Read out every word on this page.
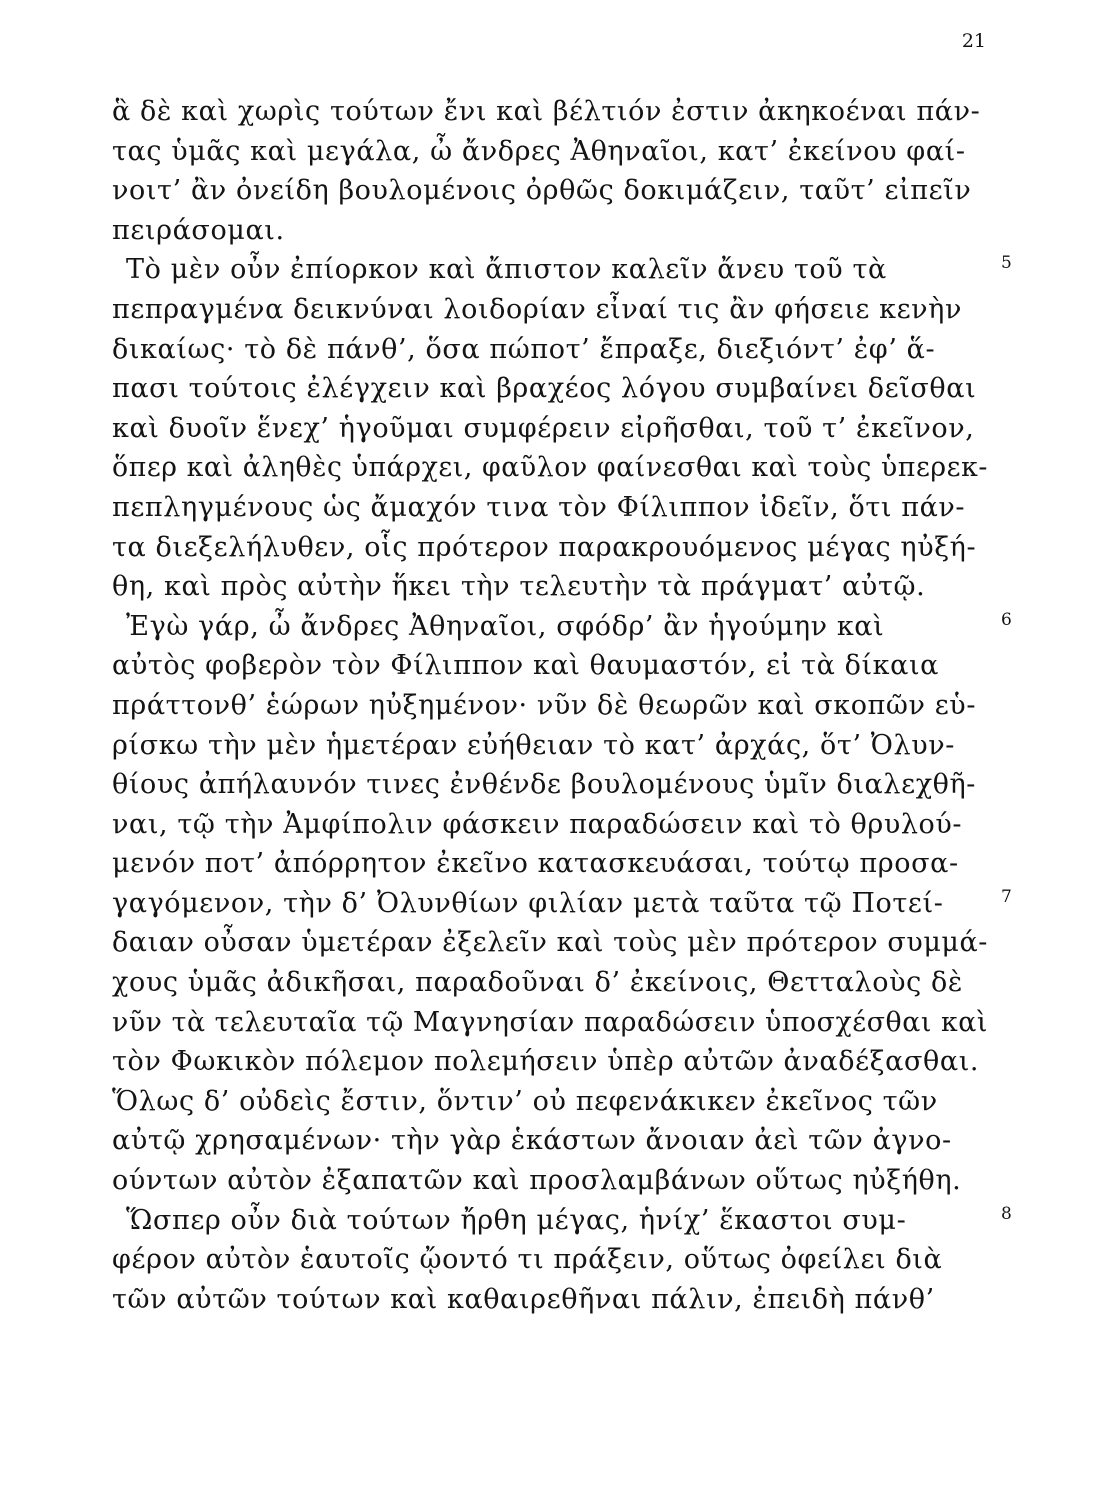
21
ἃ δὲ καὶ χωρὶς τούτων ἔνι καὶ βέλτιόν ἐστιν ἀκηκοέναι πάν-
τας ὑμᾶς καὶ μεγάλα, ὦ ἄνδρες Ἀθηναῖοι, κατ’ ἐκείνου φαί-
νοιτ’ ἂν ὀνείδη βουλομένοις ὀρθῶς δοκιμάζειν, ταῦτ’ εἰπεῖν
πειράσομαι.
Τὸ μὲν οὖν ἐπίορκον καὶ ἄπιστον καλεῖν ἄνευ τοῦ τὰ	5
πεπραγμένα δεικνύναι λοιδορίαν εἶναί τις ἂν φήσειε κενὴν
δικαίως· τὸ δὲ πάνθ’, ὅσα πώποτ’ ἔπραξε, διεξιόντ’ ἐφ’ ἅ-
πασι τούτοις ἐλέγχειν καὶ βραχέος λόγου συμβαίνει δεῖσθαι
καὶ δυοῖν ἕνεχ’ ἡγοῦμαι συμφέρειν εἰρῆσθαι, τοῦ τ’ ἐκεῖνον,
ὅπερ καὶ ἀληθὲς ὑπάρχει, φαῦλον φαίνεσθαι καὶ τοὺς ὑπερεκ-
πεπληγμένους ὡς ἄμαχόν τινα τὸν Φίλιππον ἰδεῖν, ὅτι πάν-
τα διεξελήλυθεν, οἷς πρότερον παρακρουόμενος μέγας ηὐξή-
θη, καὶ πρὸς αὐτὴν ἥκει τὴν τελευτὴν τὰ πράγματ’ αὐτῷ.
Ἐγὼ γάρ, ὦ ἄνδρες Ἀθηναῖοι, σφόδρ’ ἂν ἡγούμην καὶ	6
αὐτὸς φοβερὸν τὸν Φίλιππον καὶ θαυμαστόν, εἰ τὰ δίκαια
πράττονθ’ ἑώρων ηὐξημένον· νῦν δὲ θεωρῶν καὶ σκοπῶν εὑ-
ρίσκω τὴν μὲν ἡμετέραν εὐήθειαν τὸ κατ’ ἀρχάς, ὅτ’ Ὀλυν-
θίους ἀπήλαυνόν τινες ἐνθένδε βουλομένους ὑμῖν διαλεχθῆ-
ναι, τῷ τὴν Ἀμφίπολιν φάσκειν παραδώσειν καὶ τὸ θρυλού-
μενόν ποτ’ ἀπόρρητον ἐκεῖνο κατασκευάσαι, τούτῳ προσα-
γαγόμενον, τὴν δ’ Ὀλυνθίων φιλίαν μετὰ ταῦτα τῷ Ποτεί-	7
δαιαν οὖσαν ὑμετέραν ἐξελεῖν καὶ τοὺς μὲν πρότερον συμμά-
χους ὑμᾶς ἀδικῆσαι, παραδοῦναι δ’ ἐκείνοις, Θετταλοὺς δὲ
νῦν τὰ τελευταῖα τῷ Μαγνησίαν παραδώσειν ὑποσχέσθαι καὶ
τὸν Φωκικὸν πόλεμον πολεμήσειν ὑπὲρ αὐτῶν ἀναδέξασθαι.
Ὅλως δ’ οὐδεὶς ἔστιν, ὅντιν’ οὐ πεφενάκικεν ἐκεῖνος τῶν
αὐτῷ χρησαμένων· τὴν γὰρ ἑκάστων ἄνοιαν ἀεὶ τῶν ἀγνο-
ούντων αὐτὸν ἐξαπατῶν καὶ προσλαμβάνων οὕτως ηὐξήθη.
Ὥσπερ οὖν διὰ τούτων ἤρθη μέγας, ἡνίχ’ ἕκαστοι συμ-	8
φέρον αὐτὸν ἑαυτοῖς ᾤοντό τι πράξειν, οὕτως ὀφείλει διὰ
τῶν αὐτῶν τούτων καὶ καθαιρεθῆναι πάλιν, ἐπειδὴ πάνθ’
